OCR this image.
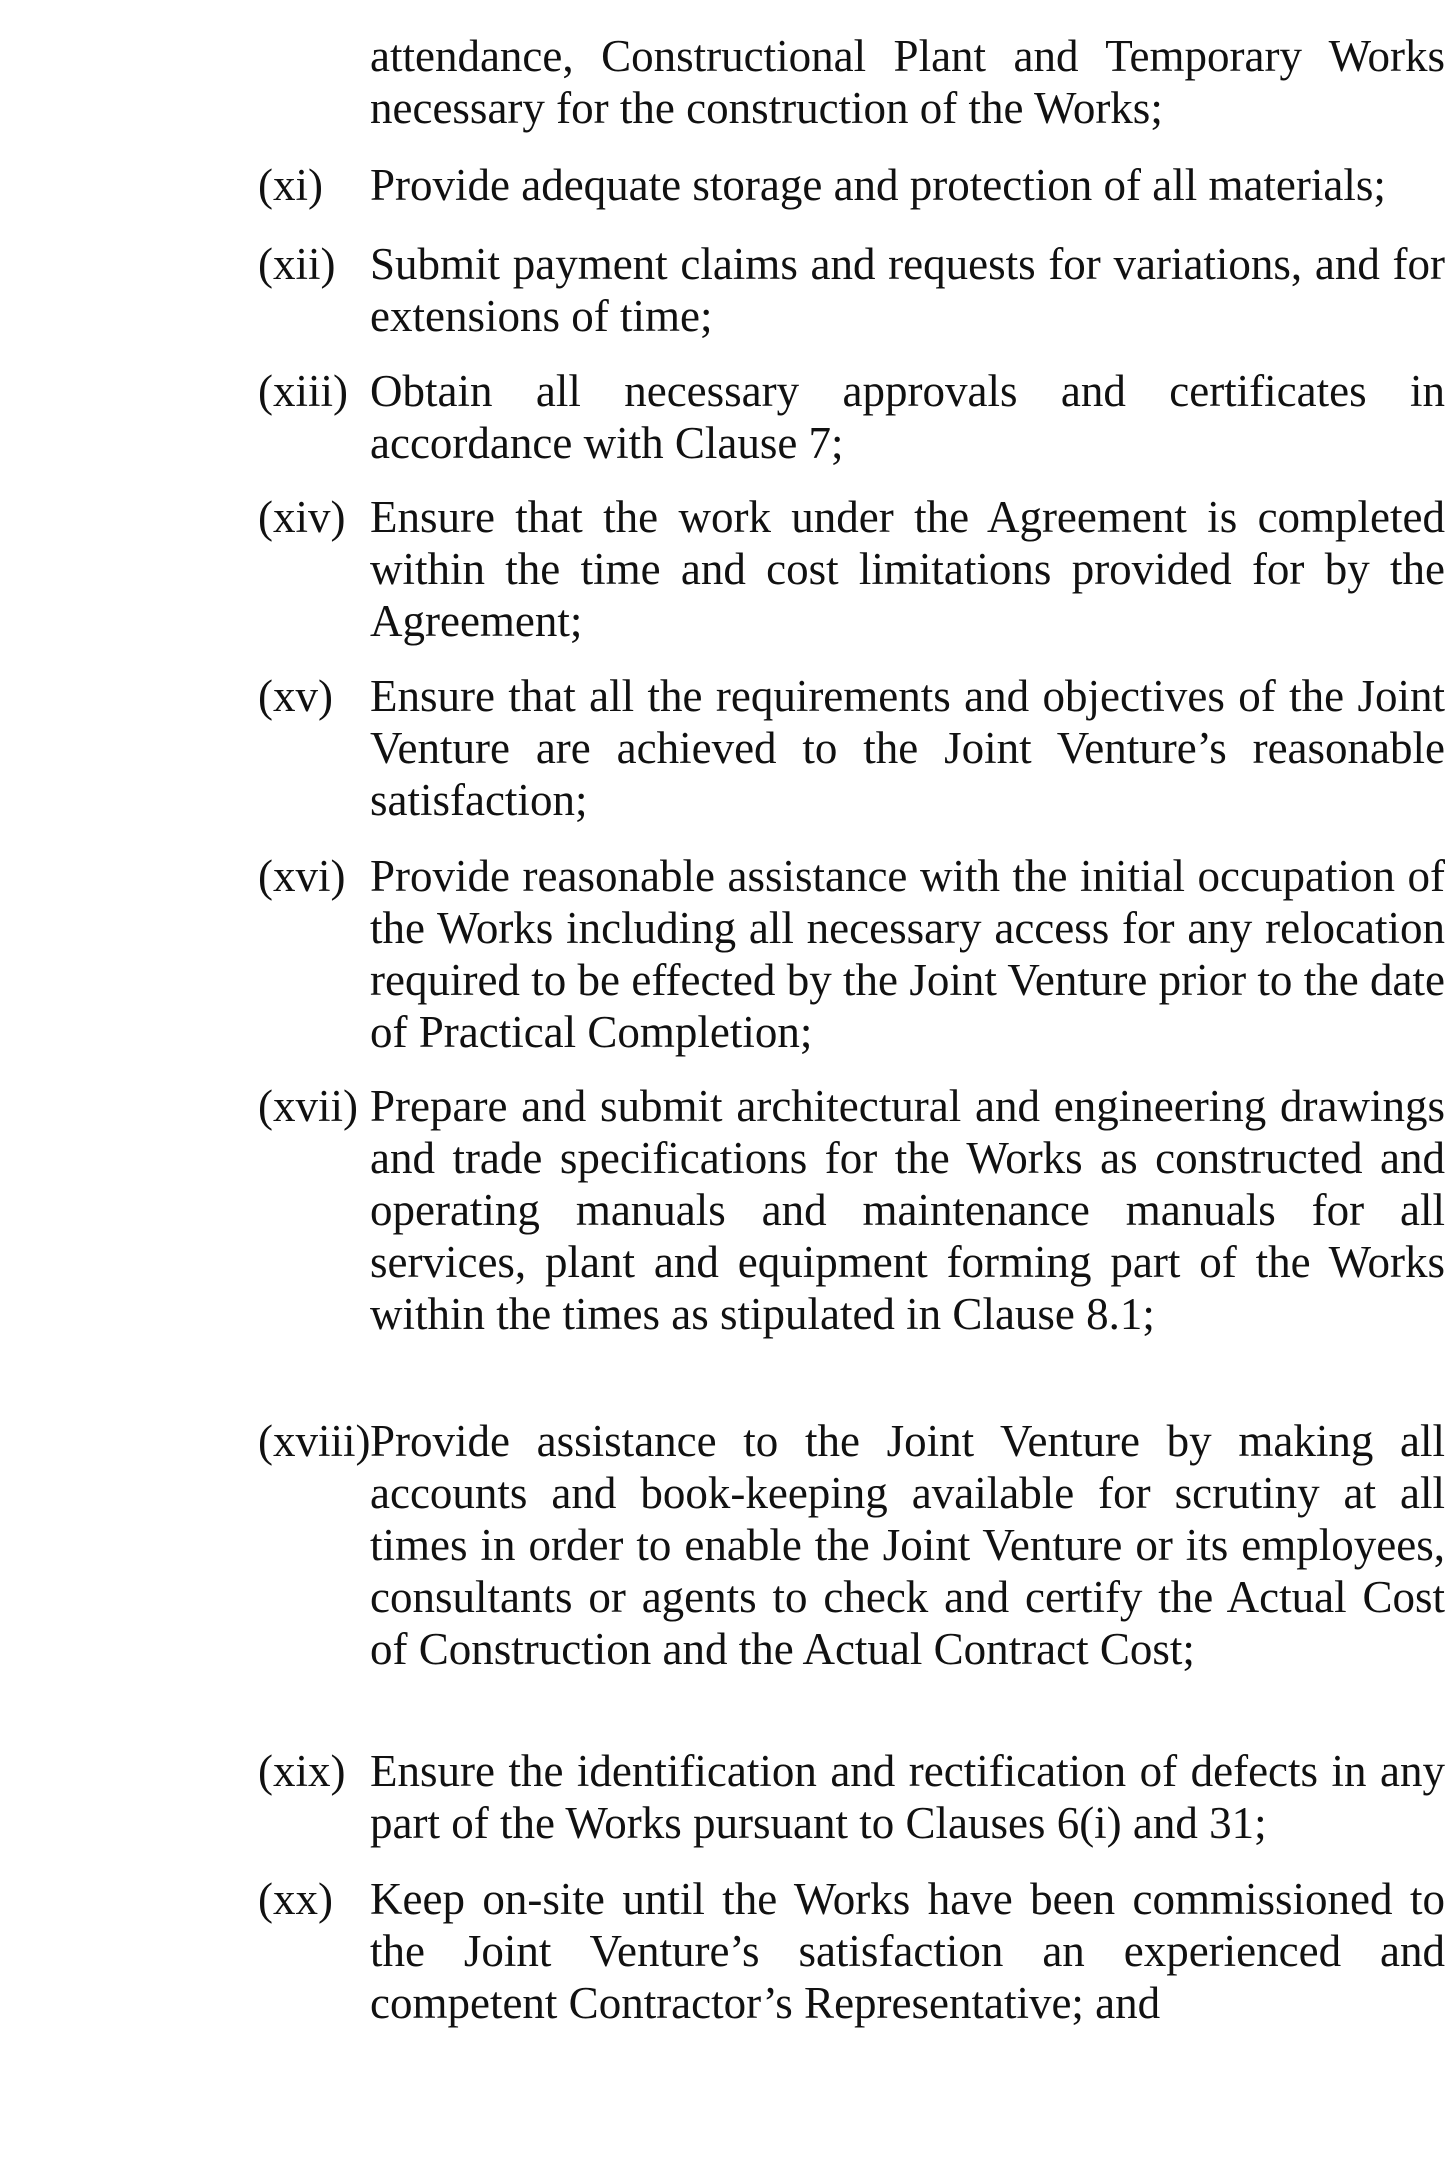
attendance, Constructional Plant and Temporary Works necessary for the construction of the Works;

(xi) Provide adequate storage and protection of all materials;

(xii) Submit payment claims and requests for variations, and for extensions of time;

(xiii) Obtain all necessary approvals and certificates in accordance with Clause 7;

(xiv) Ensure that the work under the Agreement is completed within the time and cost limitations provided for by the Agreement;

(xv) Ensure that all the requirements and objectives of the Joint Venture are achieved to the Joint Venture’s reasonable satisfaction;

(xvi) Provide reasonable assistance with the initial occupation of the Works including all necessary access for any relocation required to be effected by the Joint Venture prior to the date of Practical Completion;

(xvii) Prepare and submit architectural and engineering drawings and trade specifications for the Works as constructed and operating manuals and maintenance manuals for all services, plant and equipment forming part of the Works within the times as stipulated in Clause 8.1;

(xviii) Provide assistance to the Joint Venture by making all accounts and book-keeping available for scrutiny at all times in order to enable the Joint Venture or its employees, consultants or agents to check and certify the Actual Cost of Construction and the Actual Contract Cost;

(xix) Ensure the identification and rectification of defects in any part of the Works pursuant to Clauses 6(i) and 31;

(xx) Keep on-site until the Works have been commissioned to the Joint Venture’s satisfaction an experienced and competent Contractor’s Representative; and
